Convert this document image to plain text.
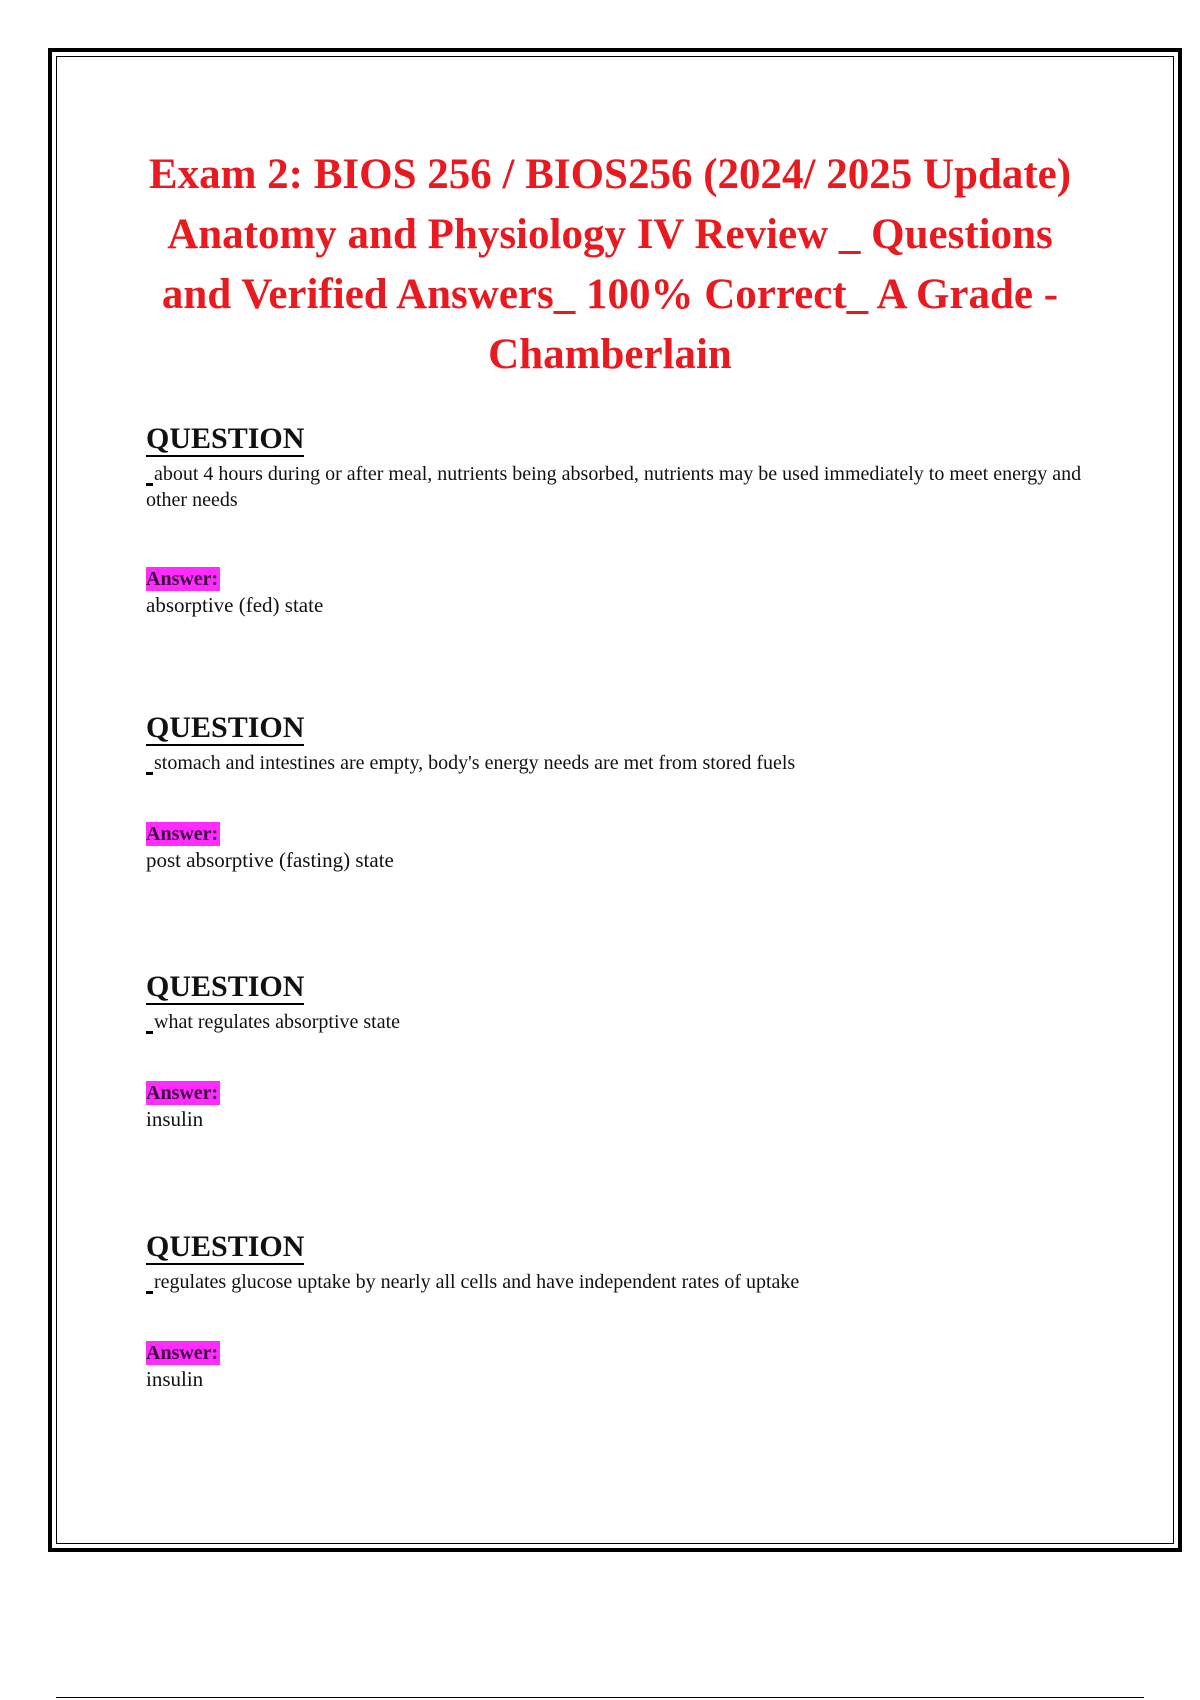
Exam 2: BIOS 256 / BIOS256 (2024/ 2025 Update) Anatomy and Physiology IV Review _ Questions and Verified Answers_ 100% Correct_ A Grade -Chamberlain
QUESTION
about 4 hours during or after meal, nutrients being absorbed, nutrients may be used immediately to meet energy and other needs
Answer:
absorptive (fed) state
QUESTION
stomach and intestines are empty, body's energy needs are met from stored fuels
Answer:
post absorptive (fasting) state
QUESTION
what regulates absorptive state
Answer:
insulin
QUESTION
regulates glucose uptake by nearly all cells and have independent rates of uptake
Answer:
insulin
